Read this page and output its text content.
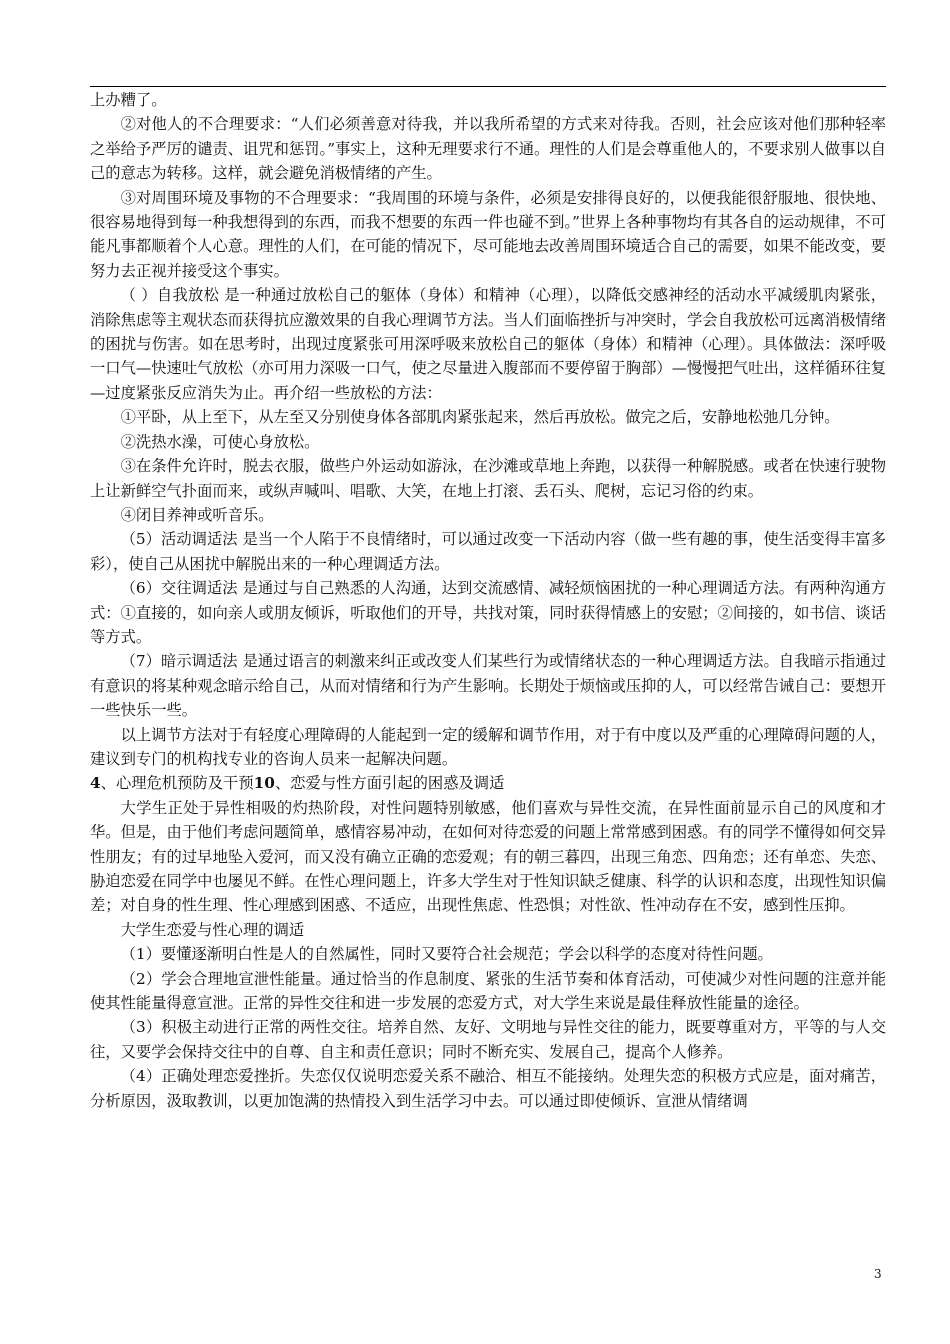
上办糟了。

②对他人的不合理要求：“人们必须善意对待我，并以我所希望的方式来对待我。否则，社会应该对他们那种轻率之举给予严厉的谴责、诅咒和惩罚。”事实上，这种无理要求行不通。理性的人们是会尊重他人的，不要求别人做事以自己的意志为转移。这样，就会避免消极情绪的产生。

③对周围环境及事物的不合理要求：“我周围的环境与条件，必须是安排得良好的，以便我能很舒服地、很快地、很容易地得到每一种我想得到的东西，而我不想要的东西一件也碰不到。”世界上各种事物均有其各自的运动规律，不可能凡事都顺着个人心意。理性的人们，在可能的情况下，尽可能地去改善周围环境适合自己的需要，如果不能改变，要努力去正视并接受这个事实。

（ ）自我放松 是一种通过放松自己的躯体（身体）和精神（心理），以降低交感神经的活动水平减缓肌肉紧张，消除焦虑等主观状态而获得抗应激效果的自我心理调节方法。当人们面临挫折与冲突时，学会自我放松可远离消极情绪的困扰与伤害。如在思考时，出现过度紧张可用深呼吸来放松自己的躯体（身体）和精神（心理）。具体做法：深呼吸一口气—快速吐气放松（亦可用力深吸一口气，使之尽量进入腹部而不要停留于胸部）—慢慢把气吐出，这样循环往复—过度紧张反应消失为止。再介绍一些放松的方法：

①平卧，从上至下，从左至又分别使身体各部肌肉紧张起来，然后再放松。做完之后，安静地松弛几分钟。

②洗热水澡，可使心身放松。

③在条件允许时，脱去衣服，做些户外运动如游泳，在沙滩或草地上奔跑，以获得一种解脱感。或者在快速行驶物上让新鲜空气扑面而来，或纵声喊叫、唱歌、大笑，在地上打滚、丢石头、爬树，忘记习俗的约束。

④闭目养神或听音乐。

（5）活动调适法 是当一个人陷于不良情绪时，可以通过改变一下活动内容（做一些有趣的事，使生活变得丰富多彩），使自己从困扰中解脱出来的一种心理调适方法。

（6）交往调适法 是通过与自己熟悉的人沟通，达到交流感情、减轻烦恼困扰的一种心理调适方法。有两种沟通方式：①直接的，如向亲人或朋友倾诉，听取他们的开导，共找对策，同时获得情感上的安慰；②间接的，如书信、谈话等方式。

（7）暗示调适法 是通过语言的刺激来纠正或改变人们某些行为或情绪状态的一种心理调适方法。自我暗示指通过有意识的将某种观念暗示给自己，从而对情绪和行为产生影响。长期处于烦恼或压抑的人，可以经常告诫自己：要想开一些快乐一些。

以上调节方法对于有轻度心理障碍的人能起到一定的缓解和调节作用，对于有中度以及严重的心理障碍问题的人，建议到专门的机构找专业的咨询人员来一起解决问题。

4、心理危机预防及干预10、恋爱与性方面引起的困惑及调适

大学生正处于异性相吸的灼热阶段，对性问题特别敏感，他们喜欢与异性交流，在异性面前显示自己的风度和才华。但是，由于他们考虑问题简单，感情容易冲动，在如何对待恋爱的问题上常常感到困惑。有的同学不懂得如何交异性朋友；有的过早地坠入爱河，而又没有确立正确的恋爱观；有的朝三暮四，出现三角恋、四角恋；还有单恋、失恋、胁迫恋爱在同学中也屡见不鲜。在性心理问题上，许多大学生对于性知识缺乏健康、科学的认识和态度，出现性知识偏差；对自身的性生理、性心理感到困惑、不适应，出现性焦虑、性恐惧；对性欲、性冲动存在不安，感到性压抑。

大学生恋爱与性心理的调适

（1）要懂逐渐明白性是人的自然属性，同时又要符合社会规范；学会以科学的态度对待性问题。

（2）学会合理地宣泄性能量。通过恰当的作息制度、紧张的生活节奏和体育活动，可使减少对性问题的注意并能使其性能量得意宣泄。正常的异性交往和进一步发展的恋爱方式，对大学生来说是最佳释放性能量的途径。

（3）积极主动进行正常的两性交往。培养自然、友好、文明地与异性交往的能力，既要尊重对方，平等的与人交往，又要学会保持交往中的自尊、自主和责任意识；同时不断充实、发展自己，提高个人修养。

（4）正确处理恋爱挫折。失恋仅仅说明恋爱关系不融洽、相互不能接纳。处理失恋的积极方式应是，面对痛苦，分析原因，汲取教训，以更加饱满的热情投入到生活学习中去。可以通过即使倾诉、宣泄从情绪调

3
